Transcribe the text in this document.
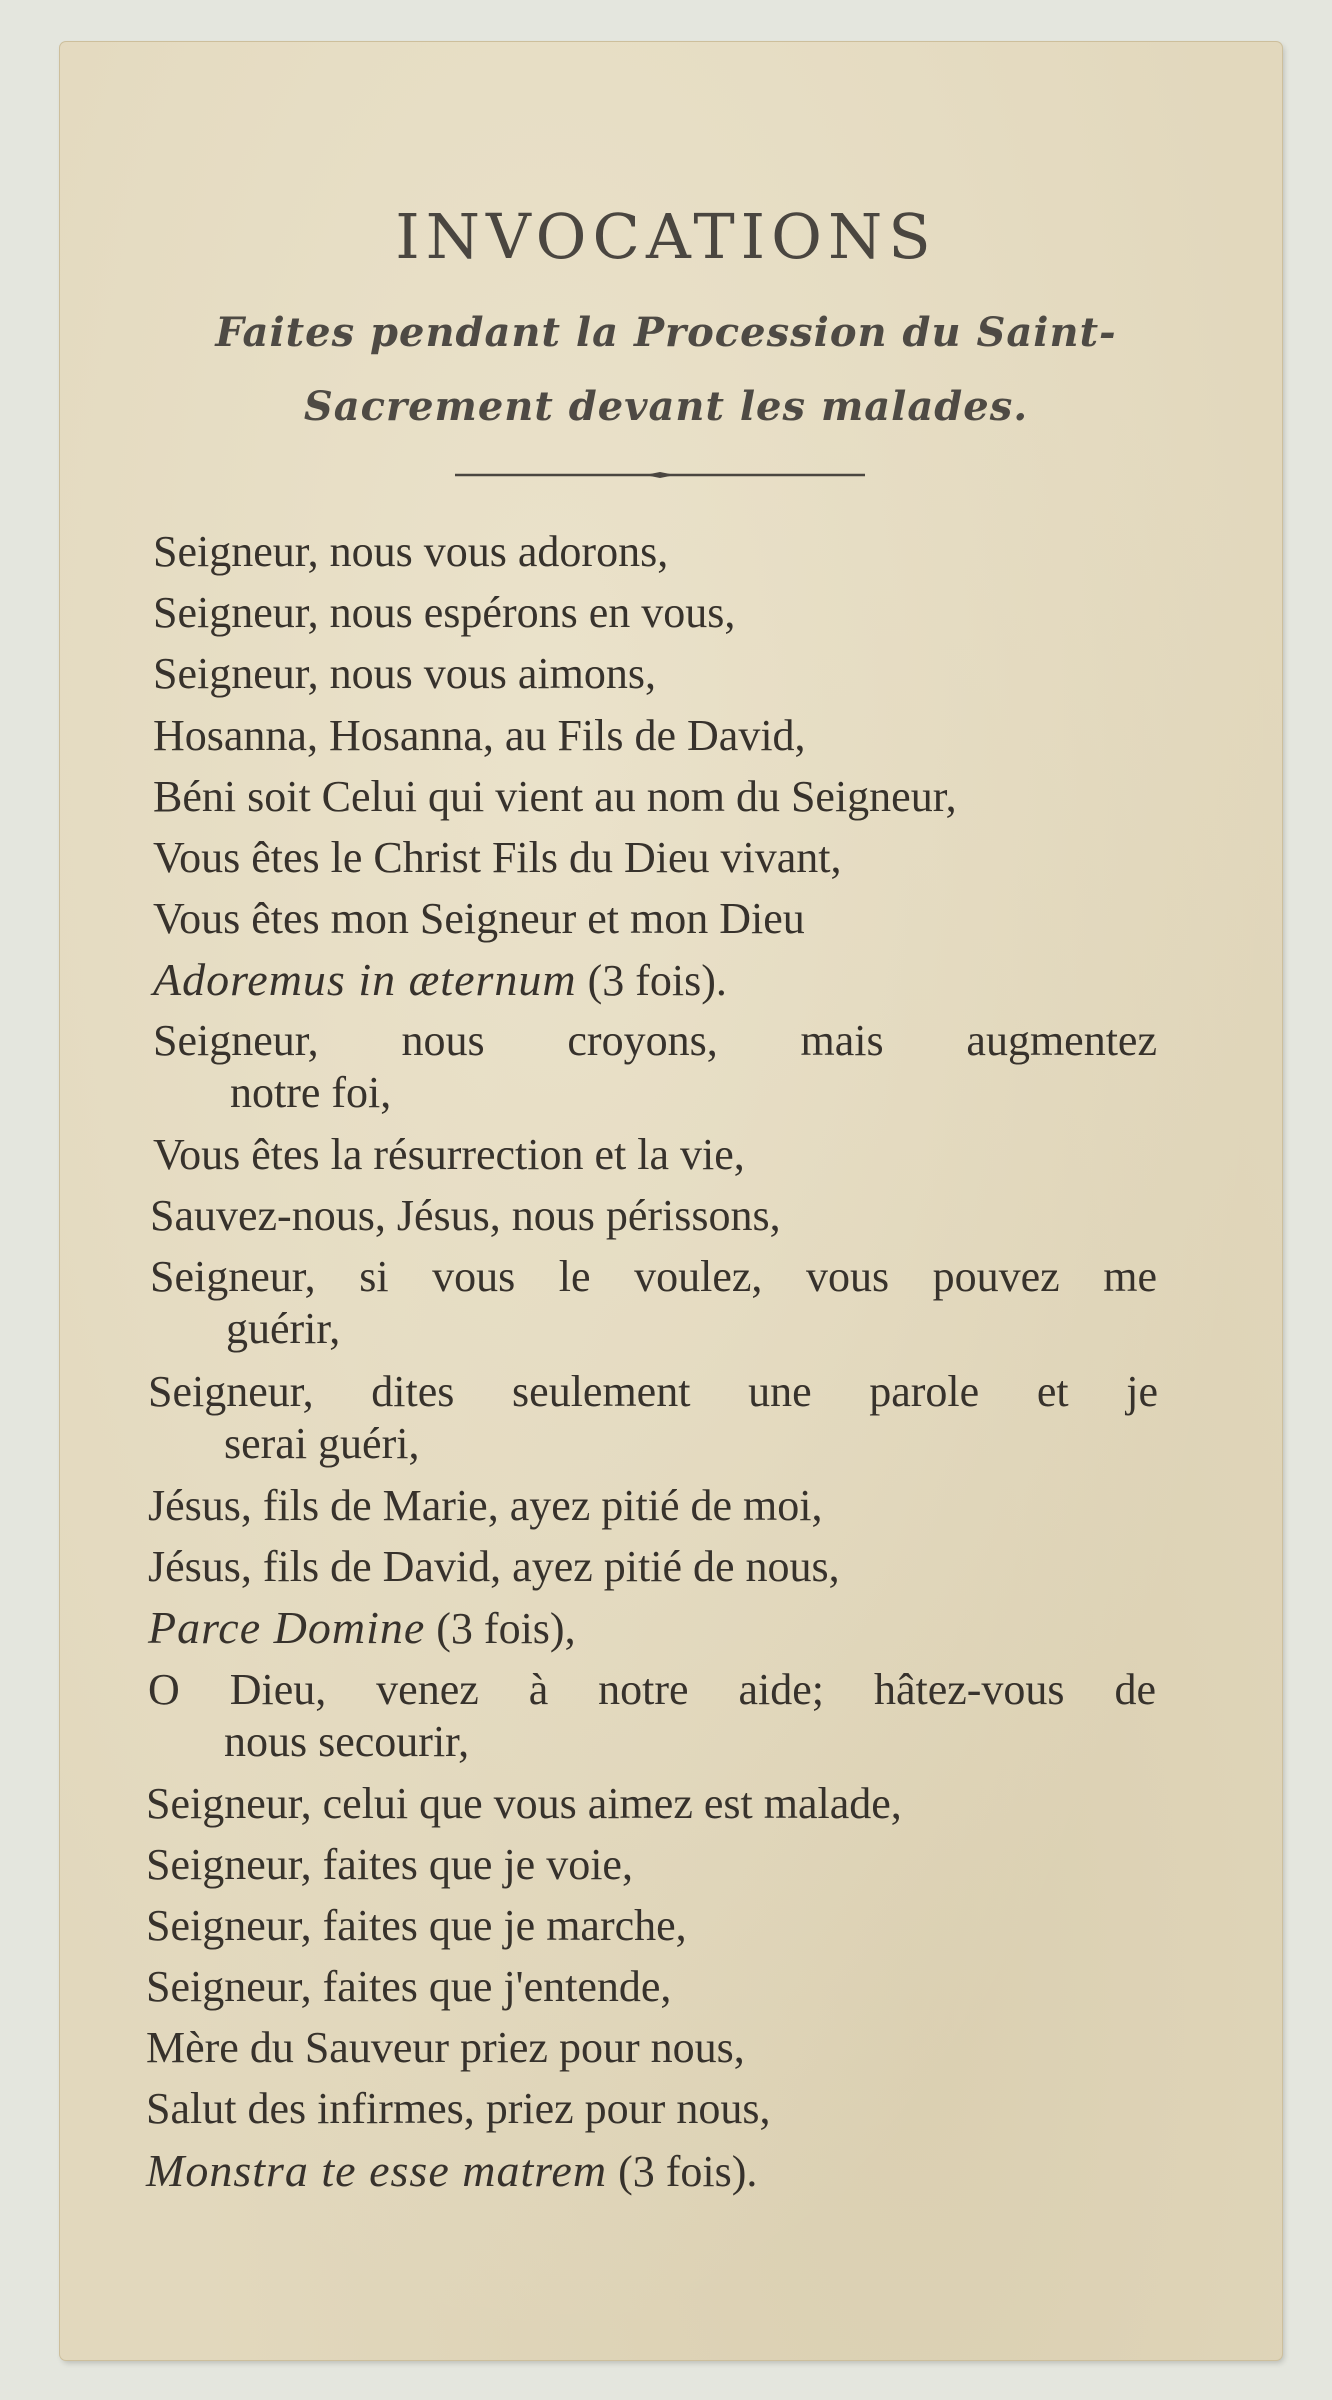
INVOCATIONS
Faites pendant la Procession du Saint-
Sacrement devant les malades.
Seigneur, nous vous adorons,
Seigneur, nous espérons en vous,
Seigneur, nous vous aimons,
Hosanna, Hosanna, au Fils de David,
Béni soit Celui qui vient au nom du Seigneur,
Vous êtes le Christ Fils du Dieu vivant,
Vous êtes mon Seigneur et mon Dieu
Adoremus in æternum (3 fois).
Seigneur, nous croyons, mais augmentez
notre foi,
Vous êtes la résurrection et la vie,
Sauvez-nous, Jésus, nous périssons,
Seigneur, si vous le voulez, vous pouvez me
guérir,
Seigneur, dites seulement une parole et je
serai guéri,
Jésus, fils de Marie, ayez pitié de moi,
Jésus, fils de David, ayez pitié de nous,
Parce Domine (3 fois),
O Dieu, venez à notre aide; hâtez-vous de
nous secourir,
Seigneur, celui que vous aimez est malade,
Seigneur, faites que je voie,
Seigneur, faites que je marche,
Seigneur, faites que j'entende,
Mère du Sauveur priez pour nous,
Salut des infirmes, priez pour nous,
Monstra te esse matrem (3 fois).
